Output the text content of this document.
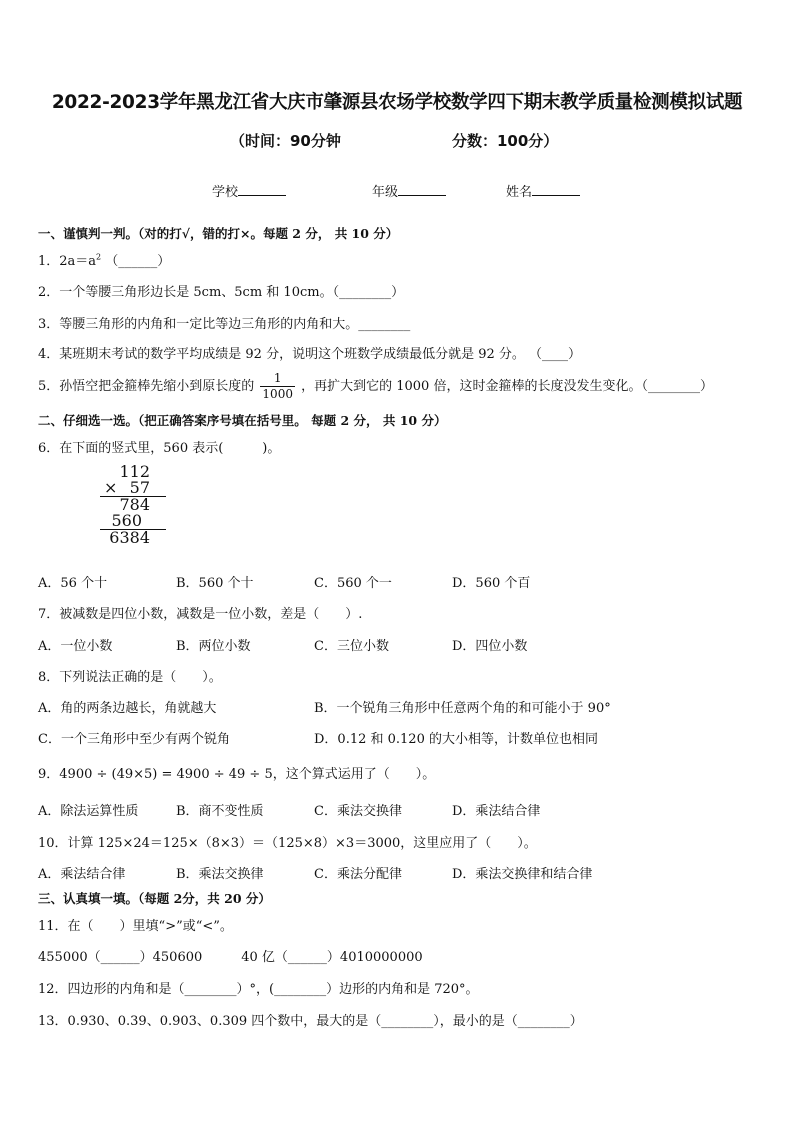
2022-2023学年黑龙江省大庆市肇源县农场学校数学四下期末教学质量检测模拟试题
（时间：90分钟	分数：100分）
学校	年级	姓名
一、谨慎判一判。（对的打√，错的打×。每题 2 分， 共 10 分）
1．$2a=a^2$ （______）
2．一个等腰三角形边长是 5cm、5cm 和 10cm。（________）
3．等腰三角形的内角和一定比等边三角形的内角和大。________
4．某班期末考试的数学平均成绩是 92 分，说明这个班数学成绩最低分就是 92 分。 （____）
5．孙悟空把金箍棒先缩小到原长度的 $\frac{1}{1000}$ ，再扩大到它的 1000 倍，这时金箍棒的长度没发生变化。（________）
二、仔细选一选。（把正确答案序号填在括号里。 每题 2 分， 共 10 分）
6．在下面的竖式里，560 表示(　　　)。
112
× 57
784
560
6384
A．56 个十	B．560 个十	C．560 个一	D．560 个百
7．被减数是四位小数，减数是一位小数，差是（　　）.
A．一位小数	B．两位小数	C．三位小数	D．四位小数
8．下列说法正确的是（　　）。
A．角的两条边越长，角就越大	B．一个锐角三角形中任意两个角的和可能小于 90°
C．一个三角形中至少有两个锐角	D．0.12 和 0.120 的大小相等，计数单位也相同
9．4900 ÷ (49×5) = 4900 ÷ 49 ÷ 5，这个算式运用了（　　）。
A．除法运算性质	B．商不变性质	C．乘法交换律	D．乘法结合律
10．计算 125×24＝125×（8×3）＝（125×8）×3＝3000，这里应用了（　　）。
A．乘法结合律	B．乘法交换律	C．乘法分配律	D．乘法交换律和结合律
三、认真填一填。（每题 2分，共 20 分）
11．在（　　）里填“>”或“<”。
455000（______）450600　　　40 亿（______）4010000000
12．四边形的内角和是（________）°，(________）边形的内角和是 720°。
13．0.930、0.39、0.903、0.309 四个数中，最大的是（________），最小的是（________）
